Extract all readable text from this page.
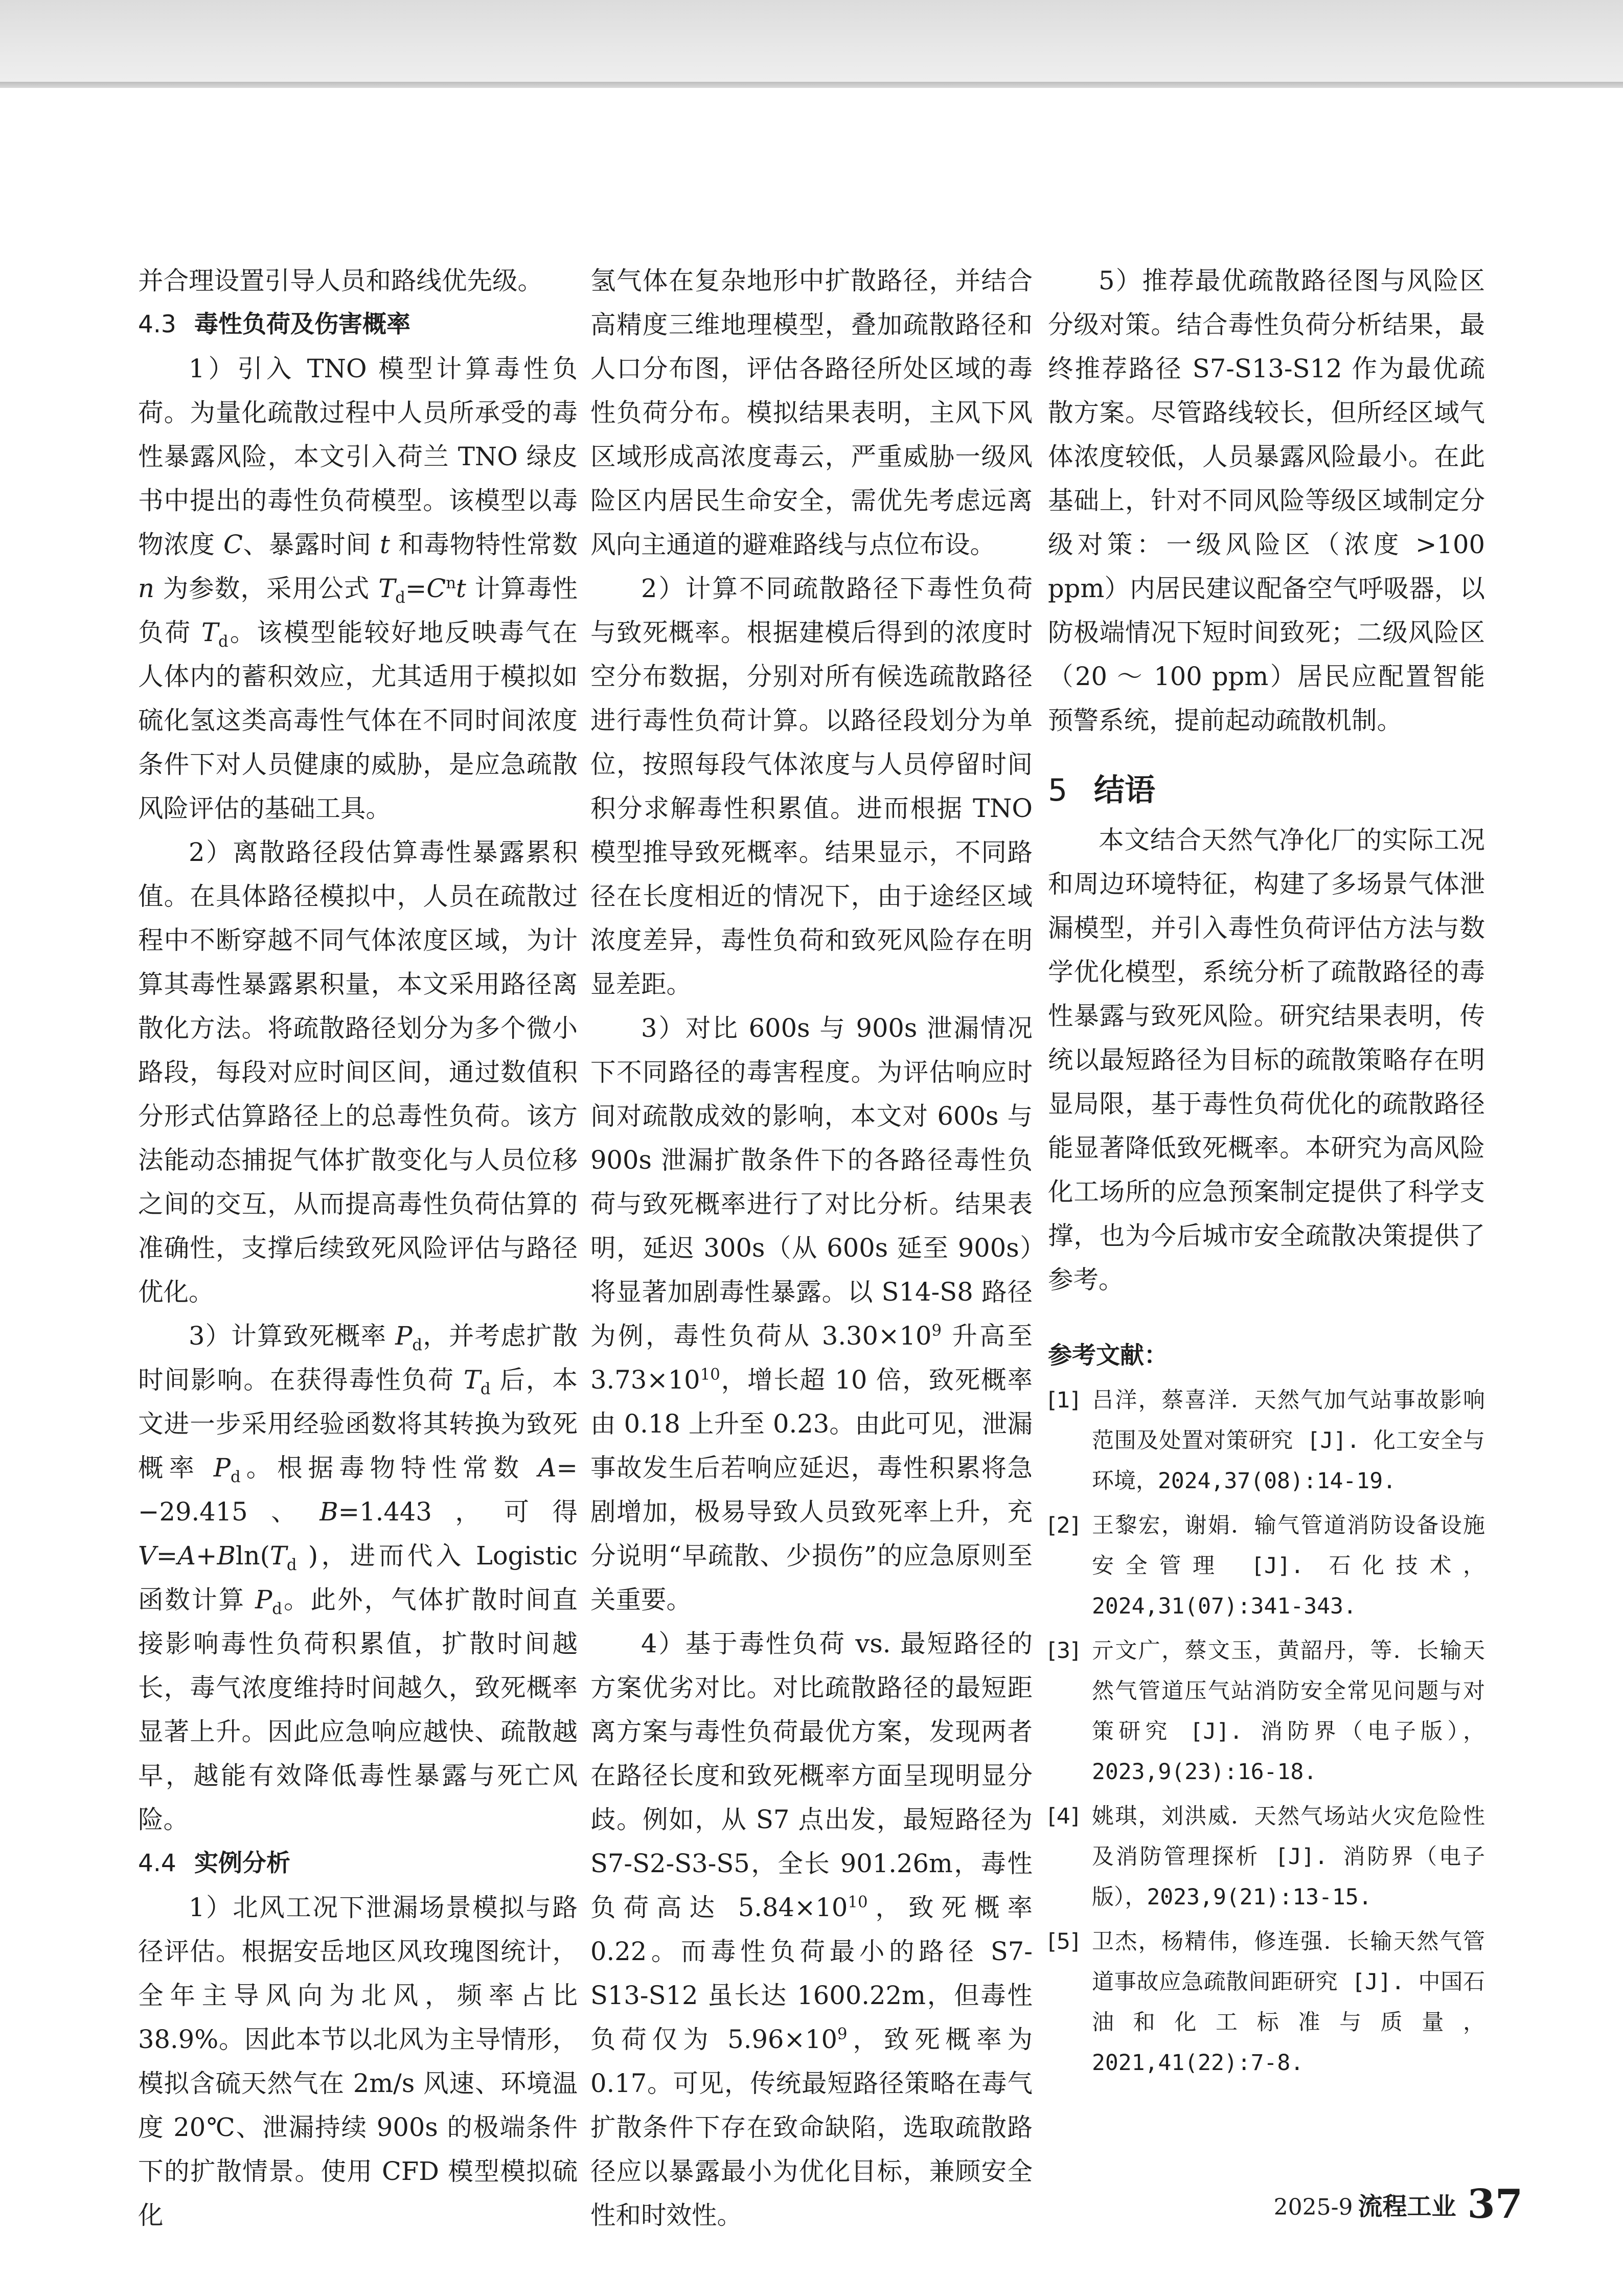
并合理设置引导人员和路线优先级。

4.3 毒性负荷及伤害概率

1）引入 TNO 模型计算毒性负荷。为量化疏散过程中人员所承受的毒性暴露风险，本文引入荷兰 TNO 绿皮书中提出的毒性负荷模型。该模型以毒物浓度 C、暴露时间 t 和毒物特性常数 n 为参数，采用公式 $T_d=C^nt$ 计算毒性负荷 $T_d$。该模型能较好地反映毒气在人体内的蓄积效应，尤其适用于模拟如硫化氢这类高毒性气体在不同时间浓度条件下对人员健康的威胁，是应急疏散风险评估的基础工具。

2）离散路径段估算毒性暴露累积值。在具体路径模拟中，人员在疏散过程中不断穿越不同气体浓度区域，为计算其毒性暴露累积量，本文采用路径离散化方法。将疏散路径划分为多个微小路段，每段对应时间区间，通过数值积分形式估算路径上的总毒性负荷。该方法能动态捕捉气体扩散变化与人员位移之间的交互，从而提高毒性负荷估算的准确性，支撑后续致死风险评估与路径优化。

3）计算致死概率 $P_d$，并考虑扩散时间影响。在获得毒性负荷 $T_d$ 后，本文进一步采用经验函数将其转换为致死概率 $P_d$。根据毒物特性常数 A= −29.415、B=1.443，可得 $V=A+Bln(T_d$ )，进而代入 Logistic 函数计算 $P_d$。此外，气体扩散时间直接影响毒性负荷积累值，扩散时间越长，毒气浓度维持时间越久，致死概率显著上升。因此应急响应越快、疏散越早，越能有效降低毒性暴露与死亡风险。

4.4 实例分析

1）北风工况下泄漏场景模拟与路径评估。根据安岳地区风玫瑰图统计，全年主导风向为北风，频率占比 38.9%。因此本节以北风为主导情形，模拟含硫天然气在 2m/s 风速、环境温度 20℃、泄漏持续 900s 的极端条件下的扩散情景。使用 CFD 模型模拟硫化

氢气体在复杂地形中扩散路径，并结合高精度三维地理模型，叠加疏散路径和人口分布图，评估各路径所处区域的毒性负荷分布。模拟结果表明，主风下风区域形成高浓度毒云，严重威胁一级风险区内居民生命安全，需优先考虑远离风向主通道的避难路线与点位布设。

2）计算不同疏散路径下毒性负荷与致死概率。根据建模后得到的浓度时空分布数据，分别对所有候选疏散路径进行毒性负荷计算。以路径段划分为单位，按照每段气体浓度与人员停留时间积分求解毒性积累值。进而根据 TNO 模型推导致死概率。结果显示，不同路径在长度相近的情况下，由于途经区域浓度差异，毒性负荷和致死风险存在明显差距。

3）对比 600s 与 900s 泄漏情况下不同路径的毒害程度。为评估响应时间对疏散成效的影响，本文对 600s 与 900s 泄漏扩散条件下的各路径毒性负荷与致死概率进行了对比分析。结果表明，延迟 300s（从 600s 延至 900s）将显著加剧毒性暴露。以 S14-S8 路径为例，毒性负荷从 $3.30\times 10^9$ 升高至 $3.73\times 10^{10}$，增长超 10 倍，致死概率由 0.18 上升至 0.23。由此可见，泄漏事故发生后若响应延迟，毒性积累将急剧增加，极易导致人员致死率上升，充分说明“早疏散、少损伤”的应急原则至关重要。

4）基于毒性负荷 vs. 最短路径的方案优劣对比。对比疏散路径的最短距离方案与毒性负荷最优方案，发现两者在路径长度和致死概率方面呈现明显分歧。例如，从 S7 点出发，最短路径为 S7-S2-S3-S5，全长 901.26m，毒性负荷高达 $5.84\times 10^{10}$，致死概率 0.22。而毒性负荷最小的路径 S7-S13-S12 虽长达 1600.22m，但毒性负荷仅为 $5.96\times 10^9$，致死概率为 0.17。可见，传统最短路径策略在毒气扩散条件下存在致命缺陷，选取疏散路径应以暴露最小为优化目标，兼顾安全性和时效性。

5）推荐最优疏散路径图与风险区分级对策。结合毒性负荷分析结果，最终推荐路径 S7-S13-S12 作为最优疏散方案。尽管路线较长，但所经区域气体浓度较低，人员暴露风险最小。在此基础上，针对不同风险等级区域制定分级对策：一级风险区（浓度 >100 ppm）内居民建议配备空气呼吸器，以防极端情况下短时间致死；二级风险区（20 ～ 100 ppm）居民应配置智能预警系统，提前起动疏散机制。

5 结语

本文结合天然气净化厂的实际工况和周边环境特征，构建了多场景气体泄漏模型，并引入毒性负荷评估方法与数学优化模型，系统分析了疏散路径的毒性暴露与致死风险。研究结果表明，传统以最短路径为目标的疏散策略存在明显局限，基于毒性负荷优化的疏散路径能显著降低致死概率。本研究为高风险化工场所的应急预案制定提供了科学支撑，也为今后城市安全疏散决策提供了参考。

参考文献：
[1] 吕洋，蔡喜洋．天然气加气站事故影响范围及处置对策研究 [J]. 化工安全与环境，2024,37(08):14-19.
[2] 王黎宏，谢娟．输气管道消防设备设施安全管理 [J]. 石化技术，2024,31(07):341-343.
[3] 亓文广，蔡文玉，黄韶丹，等．长输天然气管道压气站消防安全常见问题与对策研究 [J]. 消防界（电子版），2023,9(23):16-18.
[4] 姚琪，刘洪威．天然气场站火灾危险性及消防管理探析 [J]. 消防界（电子版），2023,9(21):13-15.
[5] 卫杰，杨精伟，修连强．长输天然气管道事故应急疏散间距研究 [J]. 中国石油和化工标准与质量，2021,41(22):7-8.
2025-9 流程工业 37
